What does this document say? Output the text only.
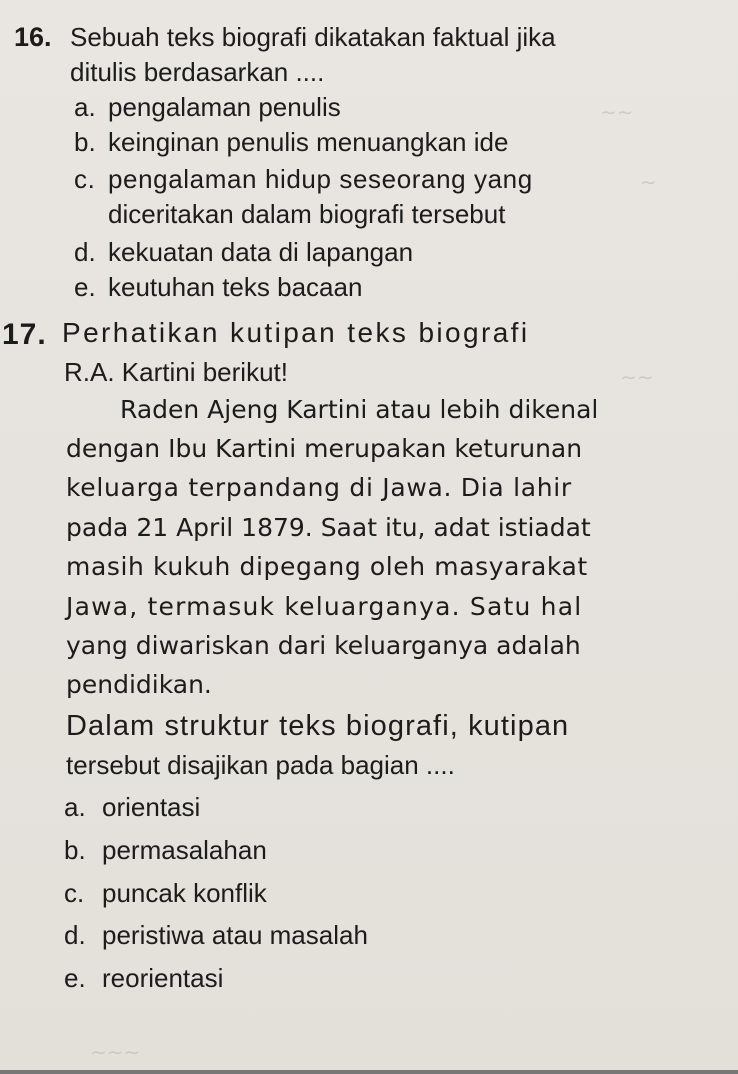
16. Sebuah teks biografi dikatakan faktual jika
ditulis berdasarkan ....
a. pengalaman penulis
b. keinginan penulis menuangkan ide
c. pengalaman hidup seseorang yang
diceritakan dalam biografi tersebut
d. kekuatan data di lapangan
e. keutuhan teks bacaan
17. Perhatikan kutipan teks biografi
R.A. Kartini berikut!
Raden Ajeng Kartini atau lebih dikenal
dengan Ibu Kartini merupakan keturunan
keluarga terpandang di Jawa. Dia lahir
pada 21 April 1879. Saat itu, adat istiadat
masih kukuh dipegang oleh masyarakat
Jawa, termasuk keluarganya. Satu hal
yang diwariskan dari keluarganya adalah
pendidikan.
Dalam struktur teks biografi, kutipan
tersebut disajikan pada bagian ....
a. orientasi
b. permasalahan
c. puncak konflik
d. peristiwa atau masalah
e. reorientasi
∼∼
∼
∼∼
∼∼∼
